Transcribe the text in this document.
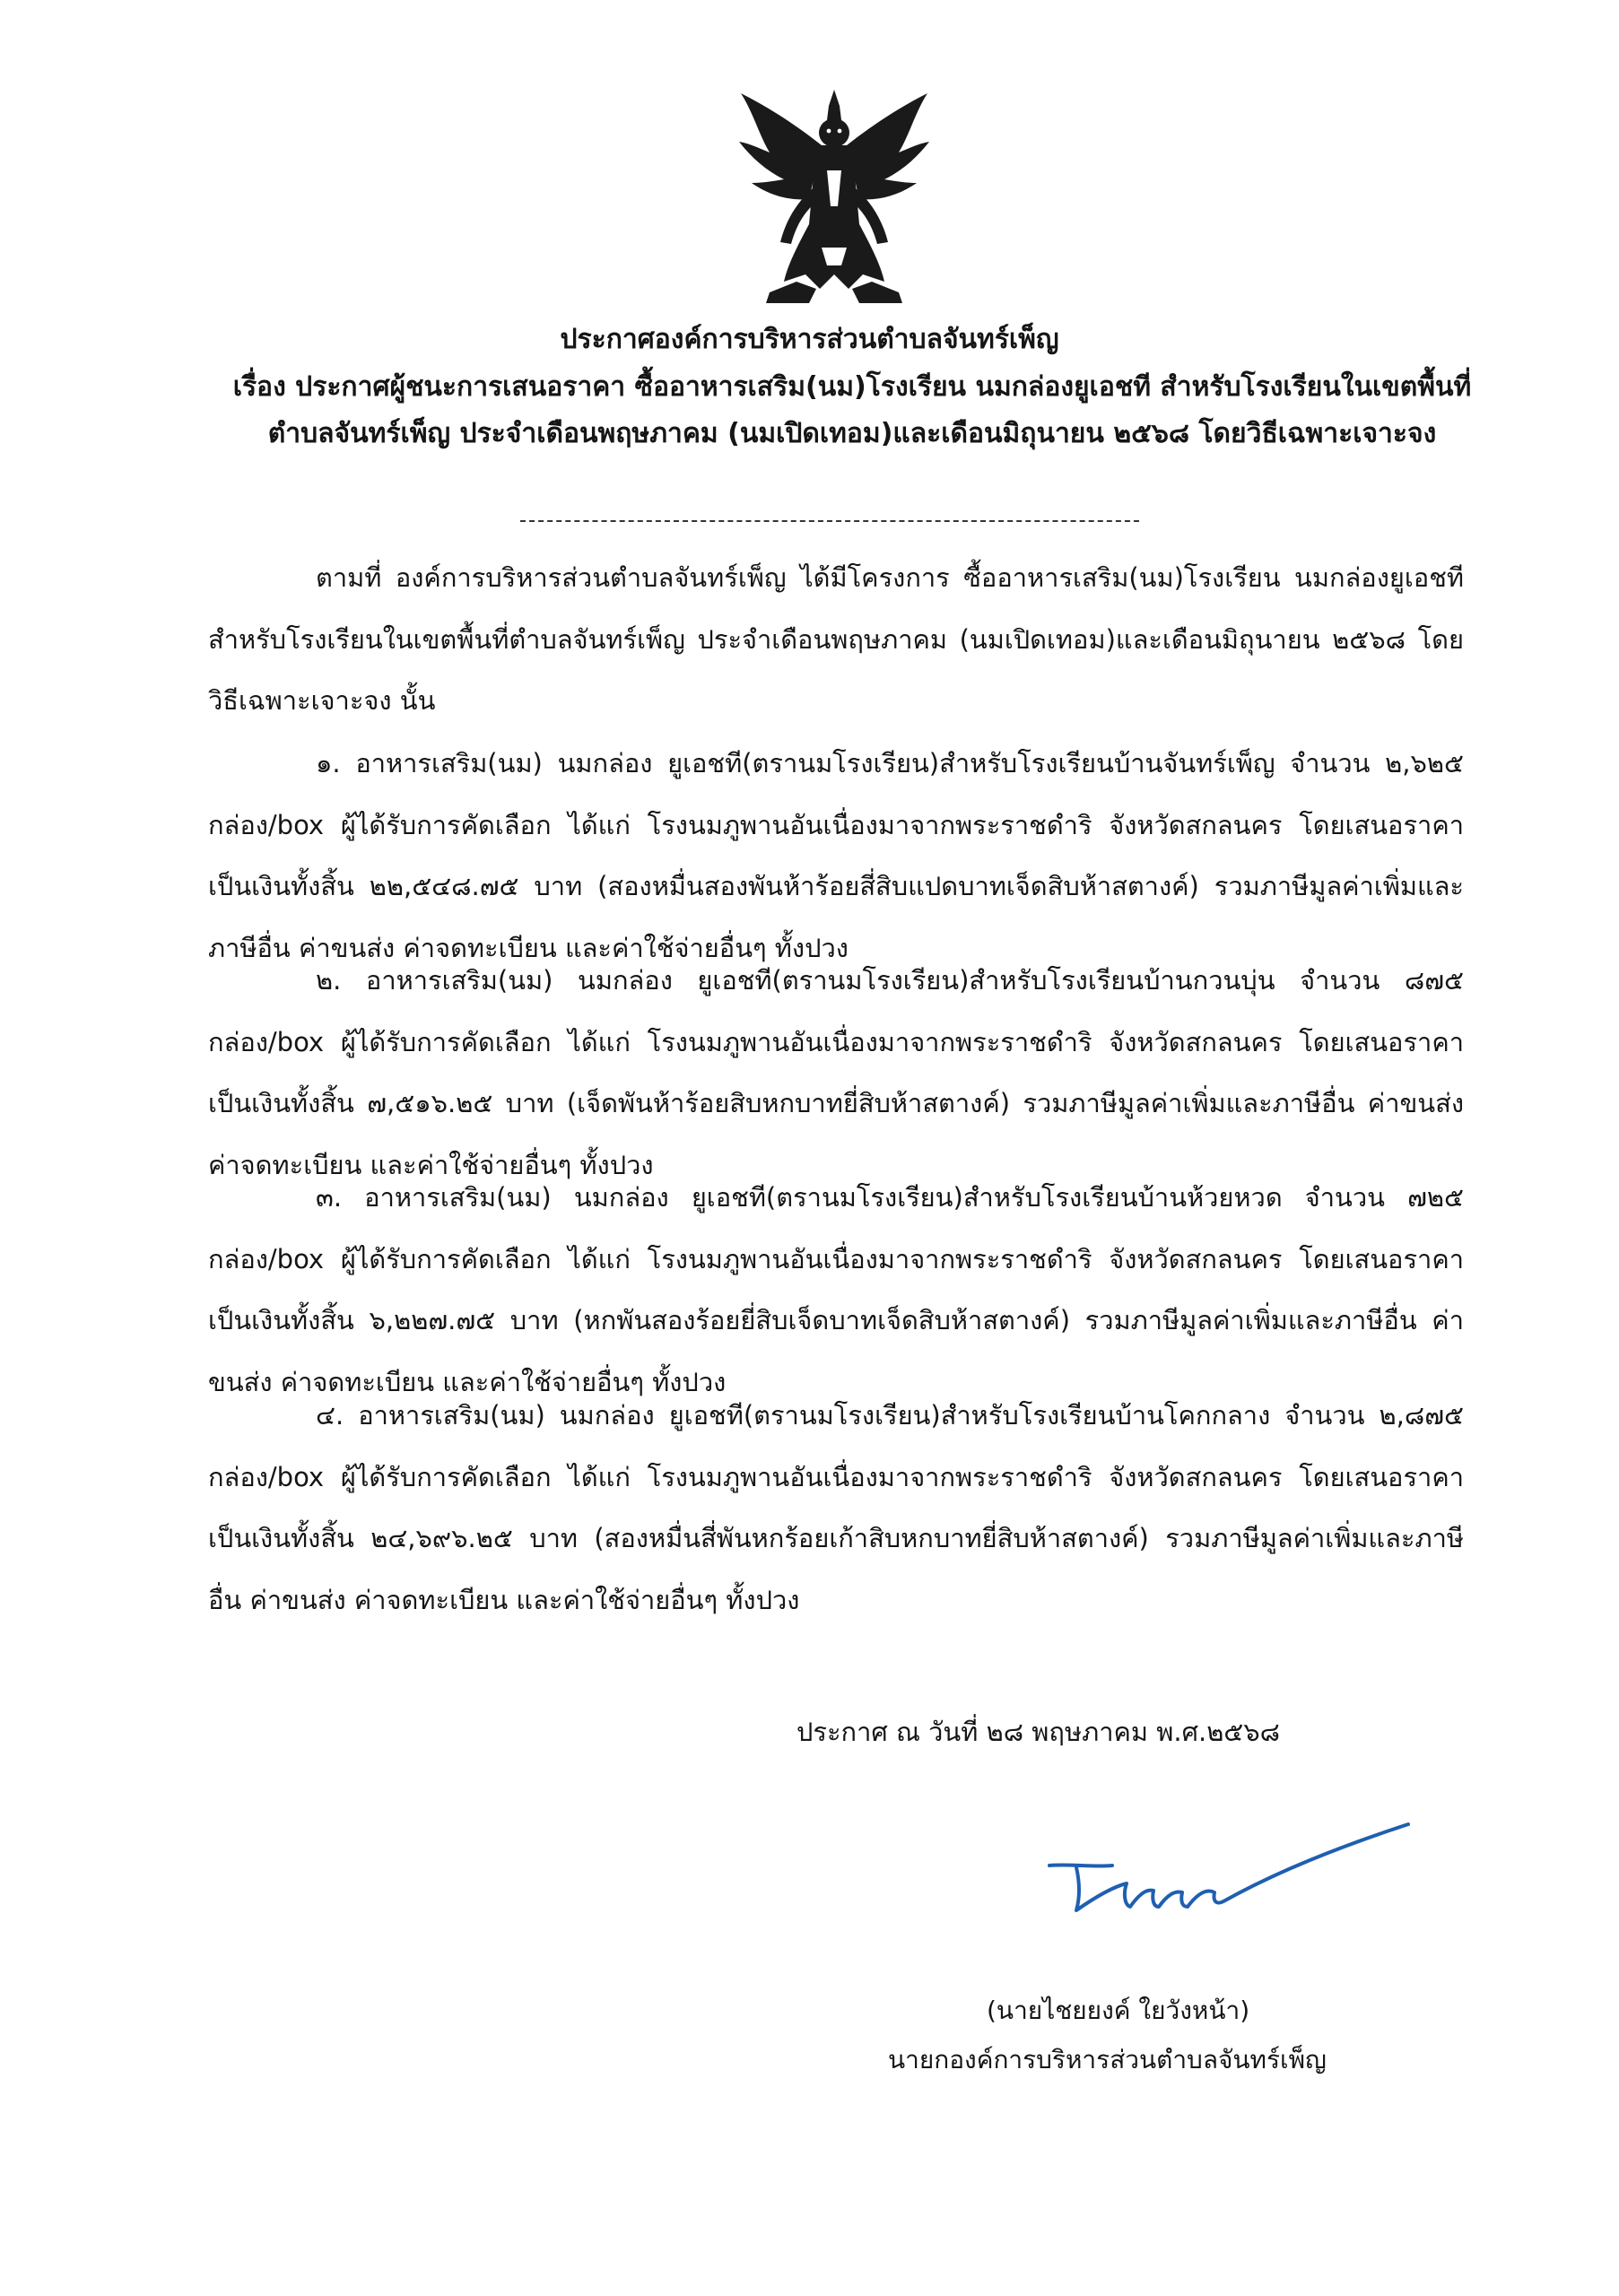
ประกาศองค์การบริหารส่วนตำบลจันทร์เพ็ญ
เรื่อง ประกาศผู้ชนะการเสนอราคา ซื้ออาหารเสริม(นม)โรงเรียน นมกล่องยูเอชที สำหรับโรงเรียนในเขตพื้นที่
ตำบลจันทร์เพ็ญ ประจำเดือนพฤษภาคม (นมเปิดเทอม)และเดือนมิถุนายน ๒๕๖๘ โดยวิธีเฉพาะเจาะจง
ตามที่ องค์การบริหารส่วนตำบลจันทร์เพ็ญ ได้มีโครงการ ซื้ออาหารเสริม(นม)โรงเรียน นมกล่องยูเอชที สำหรับโรงเรียนในเขตพื้นที่ตำบลจันทร์เพ็ญ ประจำเดือนพฤษภาคม (นมเปิดเทอม)และเดือนมิถุนายน ๒๕๖๘ โดยวิธีเฉพาะเจาะจง นั้น
๑. อาหารเสริม(นม) นมกล่อง ยูเอชที(ตรานมโรงเรียน)สำหรับโรงเรียนบ้านจันทร์เพ็ญ จำนวน ๒,๖๒๕ กล่อง/box ผู้ได้รับการคัดเลือก ได้แก่ โรงนมภูพานอันเนื่องมาจากพระราชดำริ จังหวัดสกลนคร โดยเสนอราคา เป็นเงินทั้งสิ้น ๒๒,๕๔๘.๗๕ บาท (สองหมื่นสองพันห้าร้อยสี่สิบแปดบาทเจ็ดสิบห้าสตางค์) รวมภาษีมูลค่าเพิ่มและภาษีอื่น ค่าขนส่ง ค่าจดทะเบียน และค่าใช้จ่ายอื่นๆ ทั้งปวง
๒. อาหารเสริม(นม) นมกล่อง ยูเอชที(ตรานมโรงเรียน)สำหรับโรงเรียนบ้านกวนบุ่น จำนวน ๘๗๕ กล่อง/box ผู้ได้รับการคัดเลือก ได้แก่ โรงนมภูพานอันเนื่องมาจากพระราชดำริ จังหวัดสกลนคร โดยเสนอราคา เป็นเงินทั้งสิ้น ๗,๕๑๖.๒๕ บาท (เจ็ดพันห้าร้อยสิบหกบาทยี่สิบห้าสตางค์) รวมภาษีมูลค่าเพิ่มและภาษีอื่น ค่าขนส่ง ค่าจดทะเบียน และค่าใช้จ่ายอื่นๆ ทั้งปวง
๓. อาหารเสริม(นม) นมกล่อง ยูเอชที(ตรานมโรงเรียน)สำหรับโรงเรียนบ้านห้วยหวด จำนวน ๗๒๕ กล่อง/box ผู้ได้รับการคัดเลือก ได้แก่ โรงนมภูพานอันเนื่องมาจากพระราชดำริ จังหวัดสกลนคร โดยเสนอราคา เป็นเงินทั้งสิ้น ๖,๒๒๗.๗๕ บาท (หกพันสองร้อยยี่สิบเจ็ดบาทเจ็ดสิบห้าสตางค์) รวมภาษีมูลค่าเพิ่มและภาษีอื่น ค่าขนส่ง ค่าจดทะเบียน และค่าใช้จ่ายอื่นๆ ทั้งปวง
๔. อาหารเสริม(นม) นมกล่อง ยูเอชที(ตรานมโรงเรียน)สำหรับโรงเรียนบ้านโคกกลาง จำนวน ๒,๘๗๕ กล่อง/box ผู้ได้รับการคัดเลือก ได้แก่ โรงนมภูพานอันเนื่องมาจากพระราชดำริ จังหวัดสกลนคร โดยเสนอราคา เป็นเงินทั้งสิ้น ๒๔,๖๙๖.๒๕ บาท (สองหมื่นสี่พันหกร้อยเก้าสิบหกบาทยี่สิบห้าสตางค์) รวมภาษีมูลค่าเพิ่มและภาษีอื่น ค่าขนส่ง ค่าจดทะเบียน และค่าใช้จ่ายอื่นๆ ทั้งปวง
ประกาศ ณ วันที่ ๒๘ พฤษภาคม พ.ศ.๒๕๖๘
(นายไชยยงค์ ใยวังหน้า)
นายกองค์การบริหารส่วนตำบลจันทร์เพ็ญ
